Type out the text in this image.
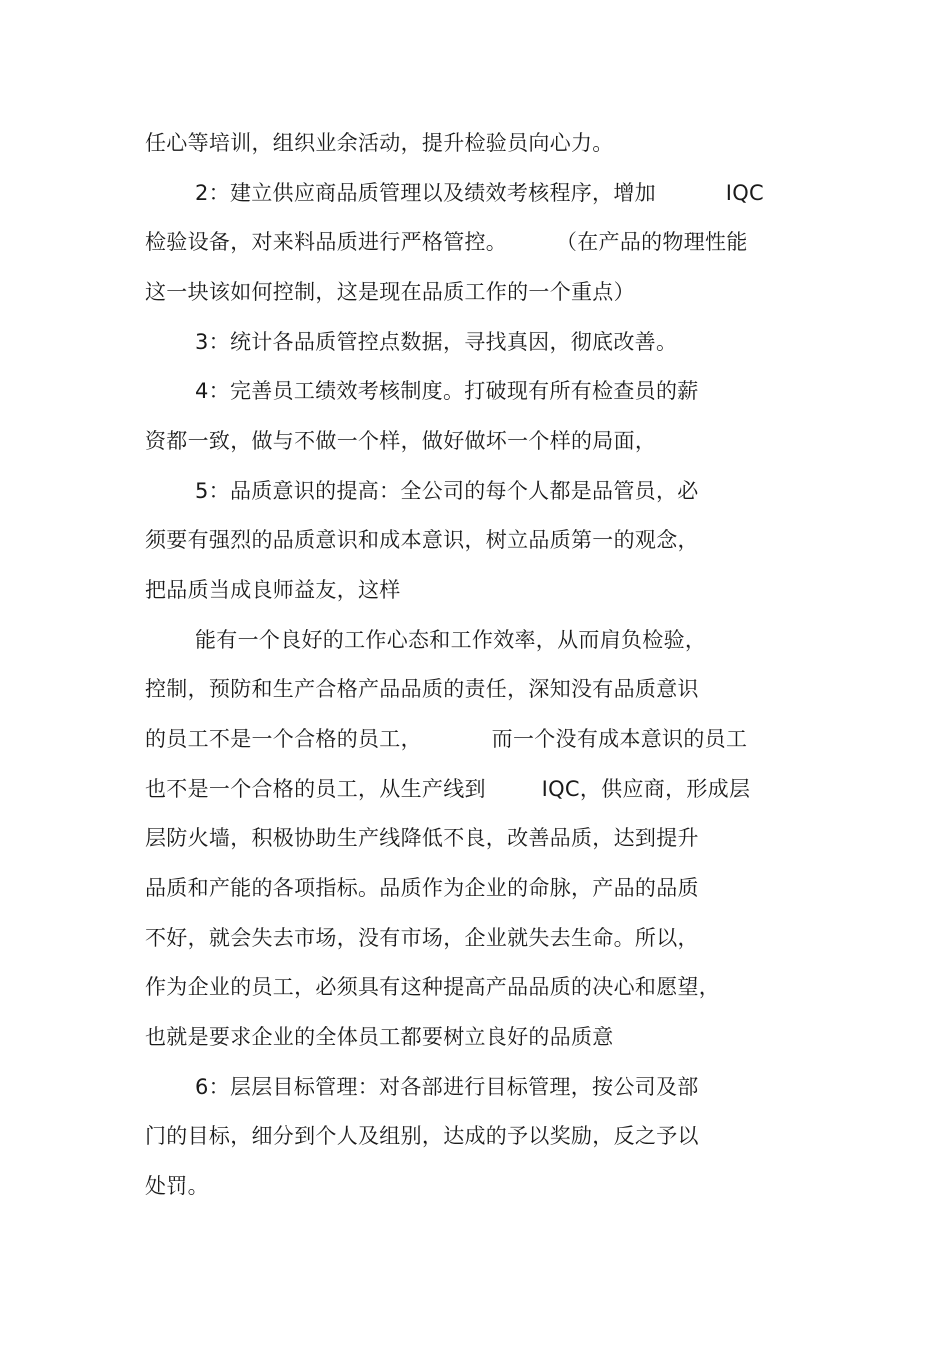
任心等培训，组织业余活动，提升检验员向心力。
2：建立供应商品质管理以及绩效考核程序，增加          IQC
检验设备，对来料品质进行严格管控。       （在产品的物理性能
这一块该如何控制，这是现在品质工作的一个重点）
3：统计各品质管控点数据，寻找真因，彻底改善。
4：完善员工绩效考核制度。打破现有所有检查员的薪
资都一致，做与不做一个样，做好做坏一个样的局面，
5：品质意识的提高：全公司的每个人都是品管员，必
须要有强烈的品质意识和成本意识，树立品质第一的观念，
把品质当成良师益友，这样
能有一个良好的工作心态和工作效率，从而肩负检验，
控制，预防和生产合格产品品质的责任，深知没有品质意识
的员工不是一个合格的员工，          而一个没有成本意识的员工
也不是一个合格的员工，从生产线到        IQC，供应商，形成层
层防火墙，积极协助生产线降低不良，改善品质，达到提升
品质和产能的各项指标。品质作为企业的命脉，产品的品质
不好，就会失去市场，没有市场，企业就失去生命。所以，
作为企业的员工，必须具有这种提高产品品质的决心和愿望，
也就是要求企业的全体员工都要树立良好的品质意
6：层层目标管理：对各部进行目标管理，按公司及部
门的目标，细分到个人及组别，达成的予以奖励，反之予以
处罚。
